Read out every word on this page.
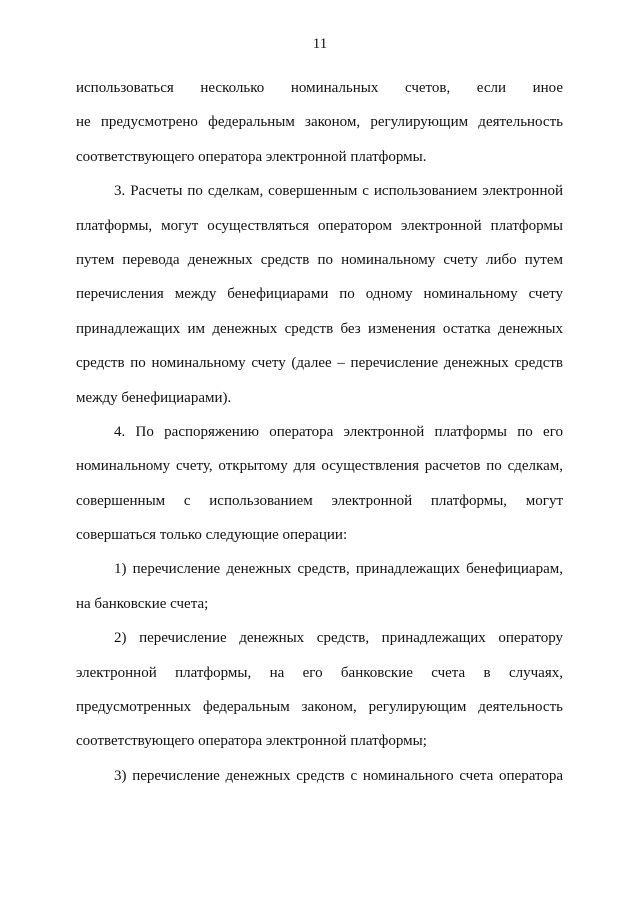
11
использоваться несколько номинальных счетов, если иное
не предусмотрено федеральным законом, регулирующим деятельность
соответствующего оператора электронной платформы.
3. Расчеты по сделкам, совершенным с использованием электронной
платформы, могут осуществляться оператором электронной платформы
путем перевода денежных средств по номинальному счету либо путем
перечисления между бенефициарами по одному номинальному счету
принадлежащих им денежных средств без изменения остатка денежных
средств по номинальному счету (далее – перечисление денежных средств
между бенефициарами).
4. По распоряжению оператора электронной платформы по его
номинальному счету, открытому для осуществления расчетов по сделкам,
совершенным с использованием электронной платформы, могут
совершаться только следующие операции:
1) перечисление денежных средств, принадлежащих бенефициарам,
на банковские счета;
2) перечисление денежных средств, принадлежащих оператору
электронной платформы, на его банковские счета в случаях,
предусмотренных федеральным законом, регулирующим деятельность
соответствующего оператора электронной платформы;
3) перечисление денежных средств с номинального счета оператора
